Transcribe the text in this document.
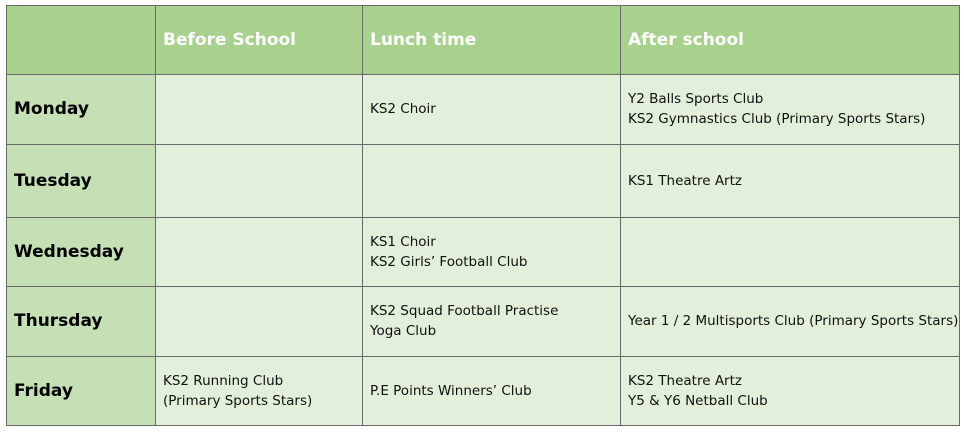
	Before School	Lunch time	After school
Monday		KS2 Choir	Y2 Balls Sports Club
KS2 Gymnastics Club (Primary Sports Stars)

Tuesday			KS1 Theatre Artz

Wednesday		KS1 Choir
KS2 Girls’ Football Club	

Thursday		KS2 Squad Football Practise
Yoga Club	Year 1 / 2 Multisports Club (Primary Sports Stars)

Friday	KS2 Running Club
(Primary Sports Stars)	P.E Points Winners’ Club	KS2 Theatre Artz
Y5 & Y6 Netball Club
